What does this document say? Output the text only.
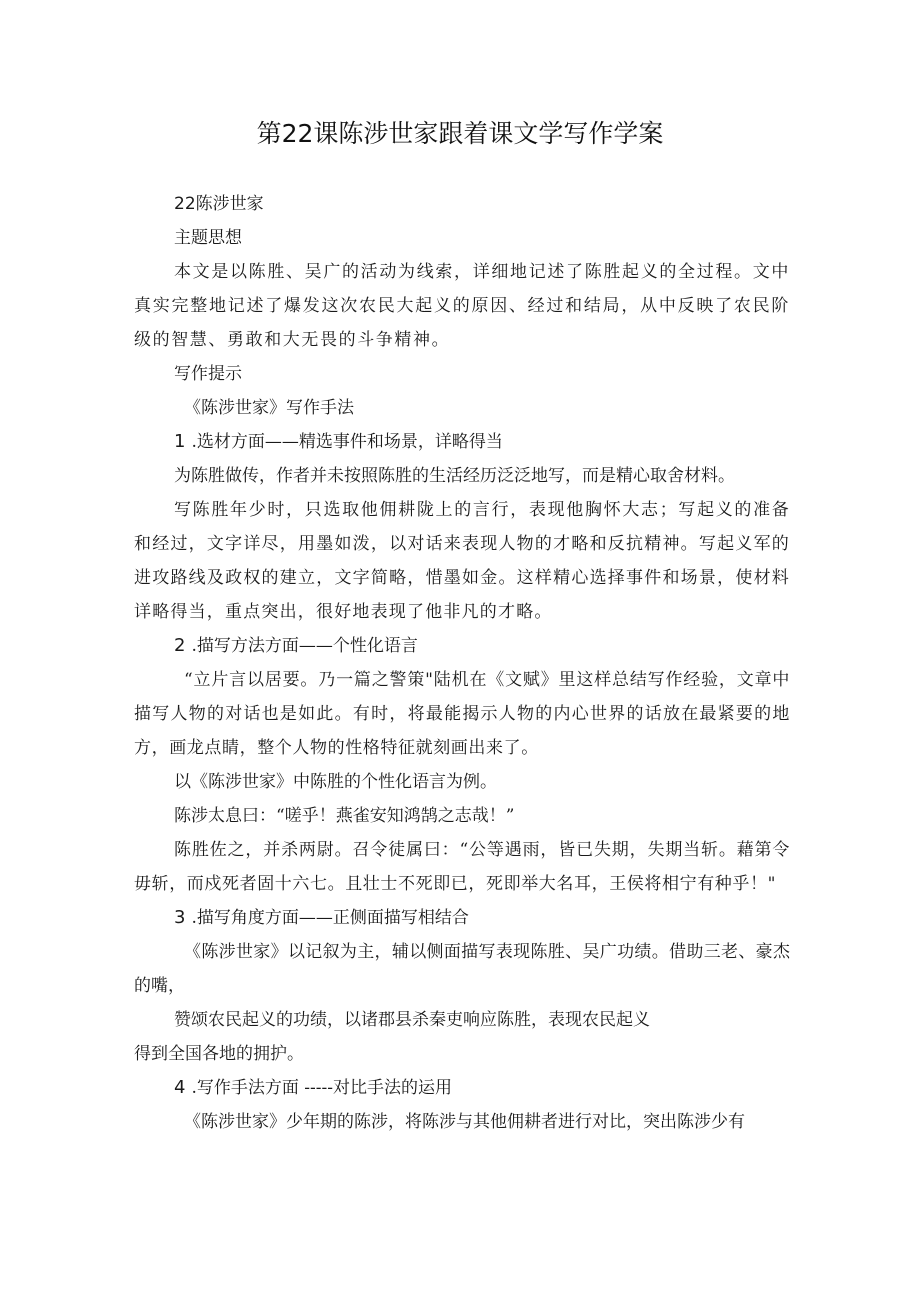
第22课陈涉世家跟着课文学写作学案

22陈涉世家

主题思想

本文是以陈胜、吴广的活动为线索，详细地记述了陈胜起义的全过程。文中真实完整地记述了爆发这次农民大起义的原因、经过和结局，从中反映了农民阶级的智慧、勇敢和大无畏的斗争精神。

写作提示

《陈涉世家》写作手法

1 .选材方面——精选事件和场景，详略得当

为陈胜做传，作者并未按照陈胜的生活经历泛泛地写，而是精心取舍材料。

写陈胜年少时，只选取他佣耕陇上的言行，表现他胸怀大志；写起义的准备和经过，文字详尽，用墨如泼，以对话来表现人物的才略和反抗精神。写起义军的进攻路线及政权的建立，文字简略，惜墨如金。这样精心选择事件和场景，使材料详略得当，重点突出，很好地表现了他非凡的才略。

2 .描写方法方面——个性化语言

“立片言以居要。乃一篇之警策"陆机在《文赋》里这样总结写作经验，文章中描写人物的对话也是如此。有时，将最能揭示人物的内心世界的话放在最紧要的地方，画龙点睛，整个人物的性格特征就刻画出来了。

以《陈涉世家》中陈胜的个性化语言为例。

陈涉太息曰：“嗟乎！燕雀安知鸿鹄之志哉！”

陈胜佐之，并杀两尉。召令徒属曰：“公等遇雨，皆已失期，失期当斩。藉第令毋斩，而戍死者固十六七。且壮士不死即已，死即举大名耳，王侯将相宁有种乎！"

3 .描写角度方面——正侧面描写相结合

《陈涉世家》以记叙为主，辅以侧面描写表现陈胜、吴广功绩。借助三老、豪杰的嘴，

赞颂农民起义的功绩，以诸郡县杀秦吏响应陈胜，表现农民起义

得到全国各地的拥护。

4 .写作手法方面 -----对比手法的运用

《陈涉世家》少年期的陈涉，将陈涉与其他佣耕者进行对比，突出陈涉少有
